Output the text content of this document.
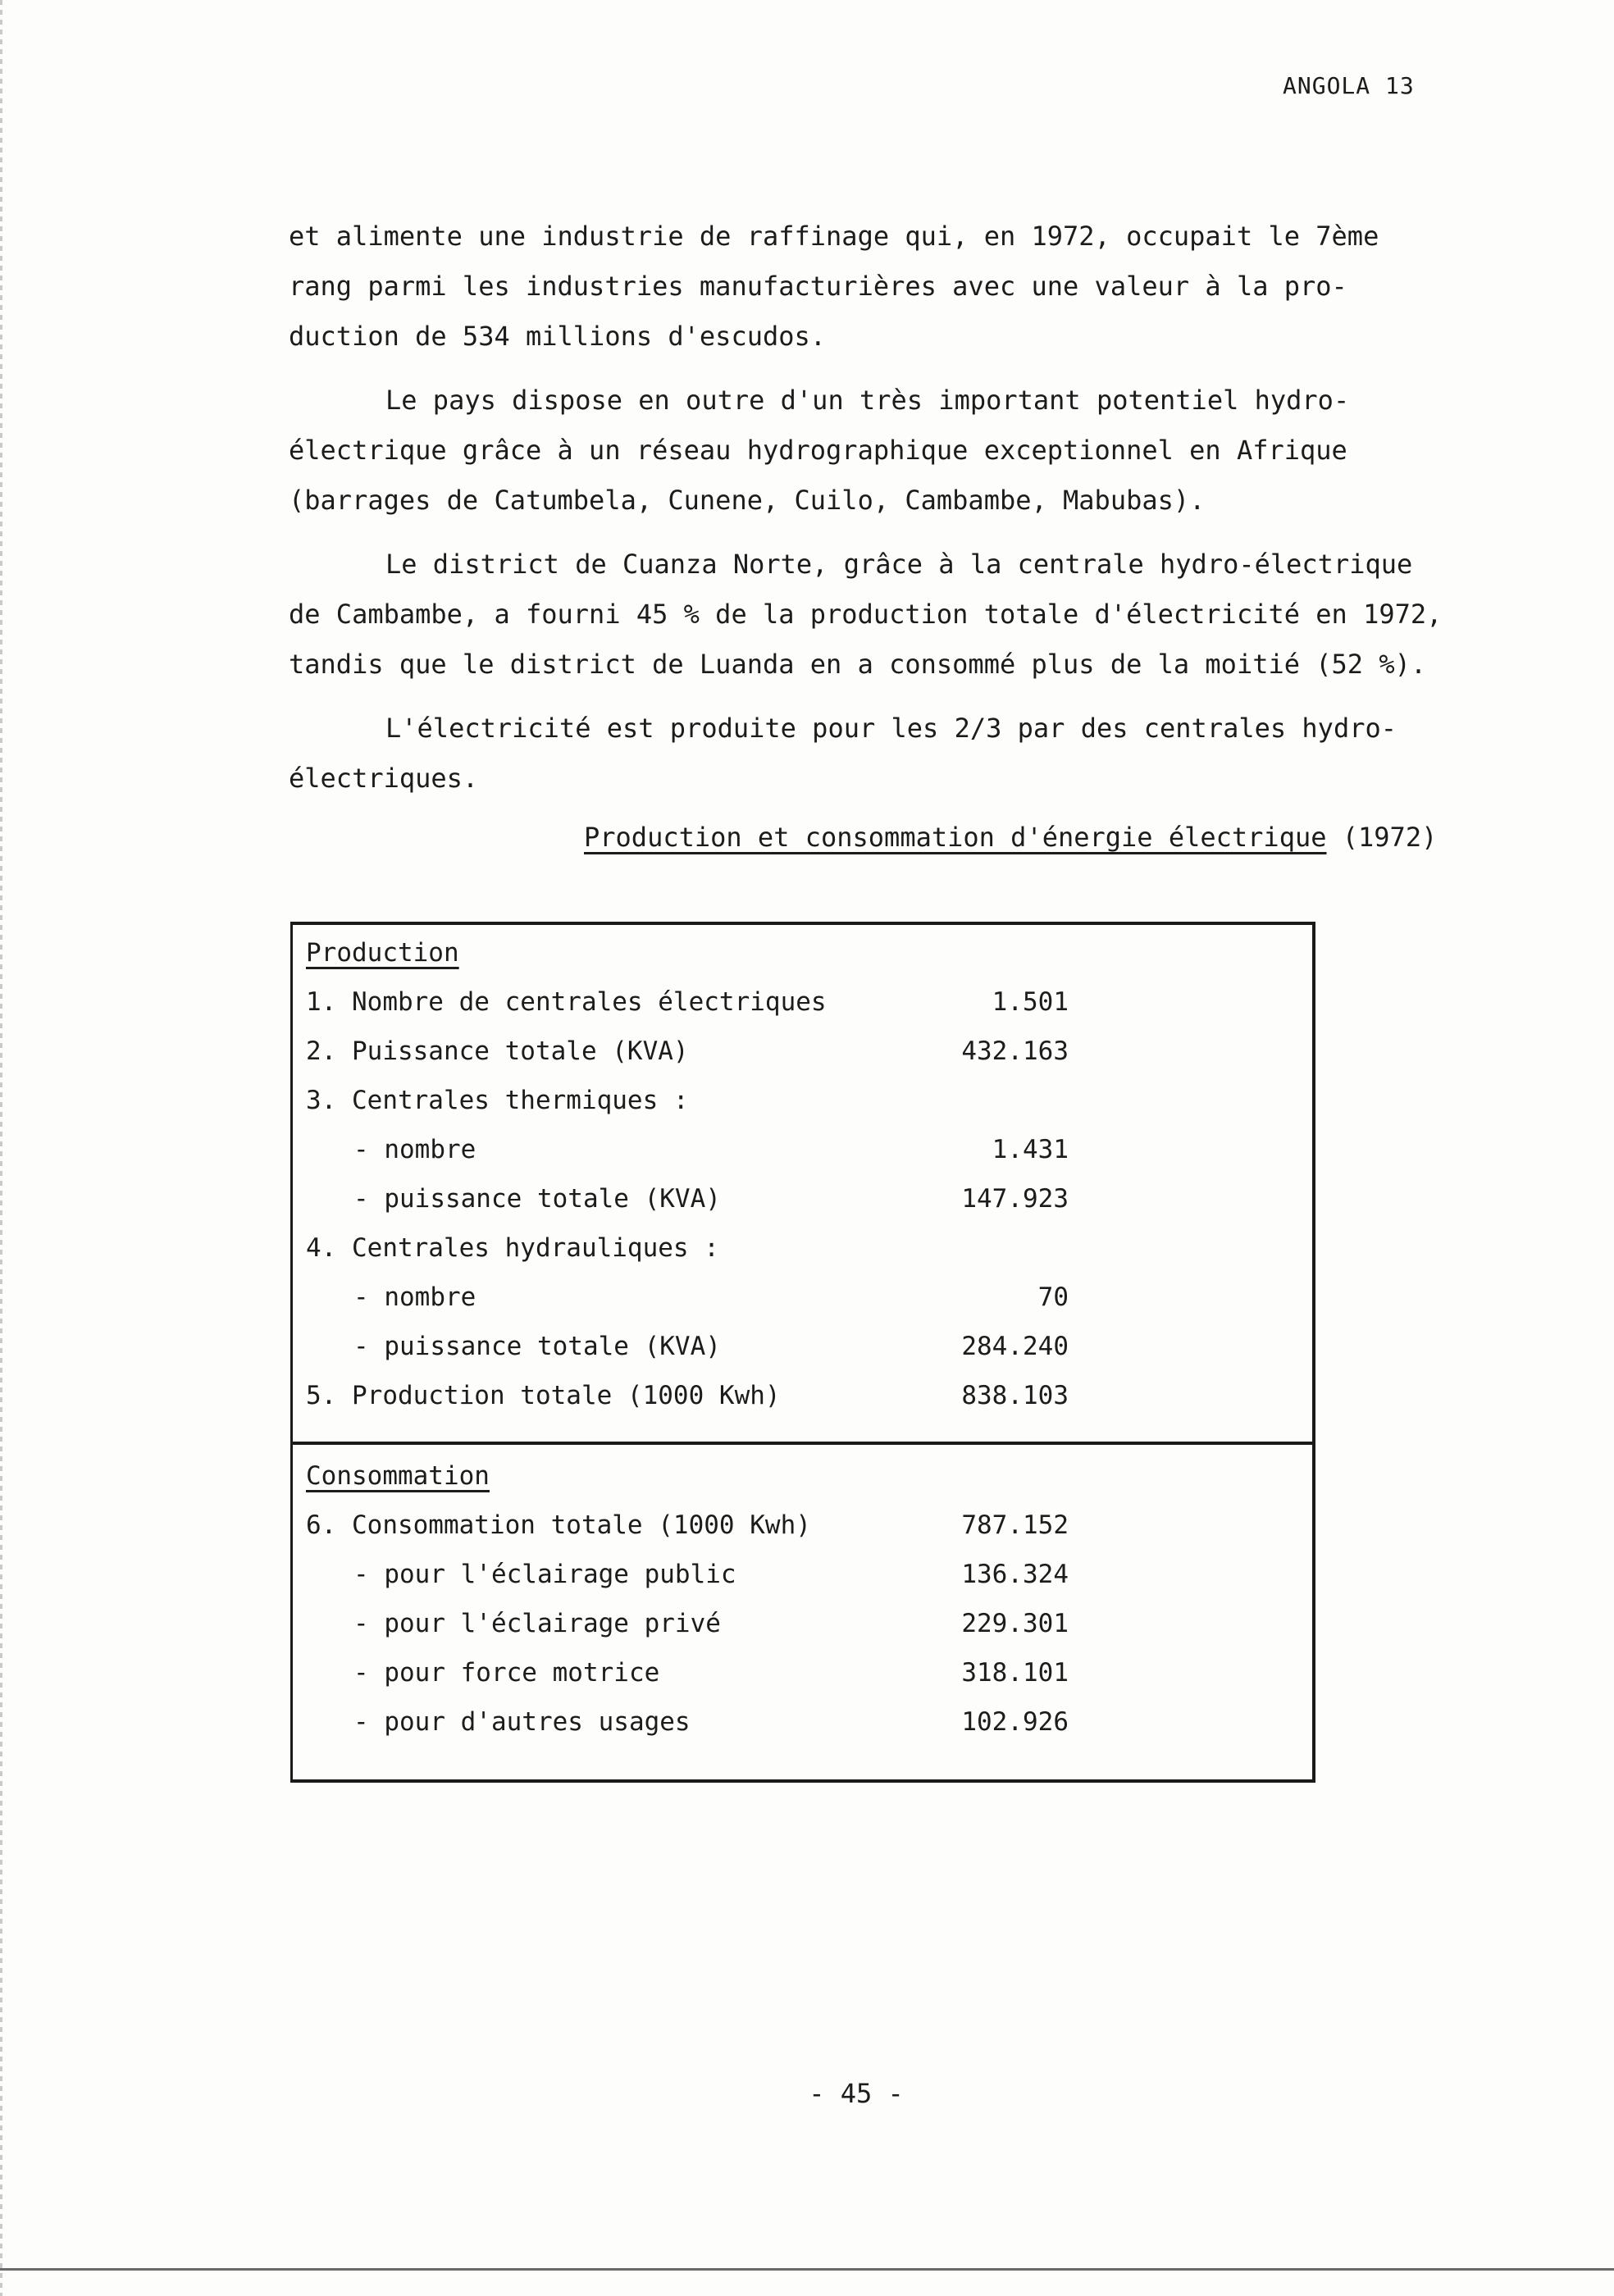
ANGOLA 13

et alimente une industrie de raffinage qui, en 1972, occupait le 7ème
rang parmi les industries manufacturières avec une valeur à la pro-
duction de 534 millions d'escudos.

Le pays dispose en outre d'un très important potentiel hydro-
électrique grâce à un réseau hydrographique exceptionnel en Afrique
(barrages de Catumbela, Cunene, Cuilo, Cambambe, Mabubas).

Le district de Cuanza Norte, grâce à la centrale hydro-électrique
de Cambambe, a fourni 45 % de la production totale d'électricité en 1972,
tandis que le district de Luanda en a consommé plus de la moitié (52 %).

L'électricité est produite pour les 2/3 par des centrales hydro-
électriques.

Production et consommation d'énergie électrique (1972)
Production
1. Nombre de centrales électriques	1.501
2. Puissance totale (KVA)	432.163
3. Centrales thermiques :
- nombre	1.431
- puissance totale (KVA)	147.923
4. Centrales hydrauliques :
- nombre	70
- puissance totale (KVA)	284.240
5. Production totale (1000 Kwh)	838.103
Consommation
6. Consommation totale (1000 Kwh)	787.152
- pour l'éclairage public	136.324
- pour l'éclairage privé	229.301
- pour force motrice	318.101
- pour d'autres usages	102.926
- 45 -
